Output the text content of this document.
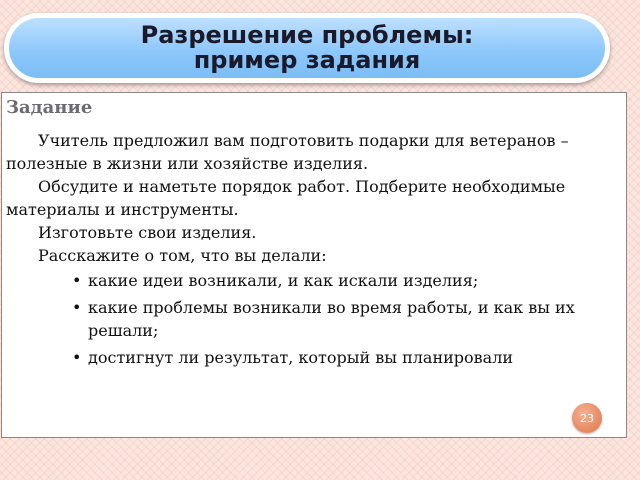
Разрешение проблемы:
пример задания
Задание

Учитель предложил вам подготовить подарки для ветеранов – полезные в жизни или хозяйстве изделия.

Обсудите и наметьте порядок работ. Подберите необходимые материалы и инструменты.

Изготовьте свои изделия.

Расскажите о том, что вы делали:

• какие идеи возникали, и как искали изделия;
• какие проблемы возникали во время работы, и как вы их решали;
• достигнут ли результат, который вы планировали
23
